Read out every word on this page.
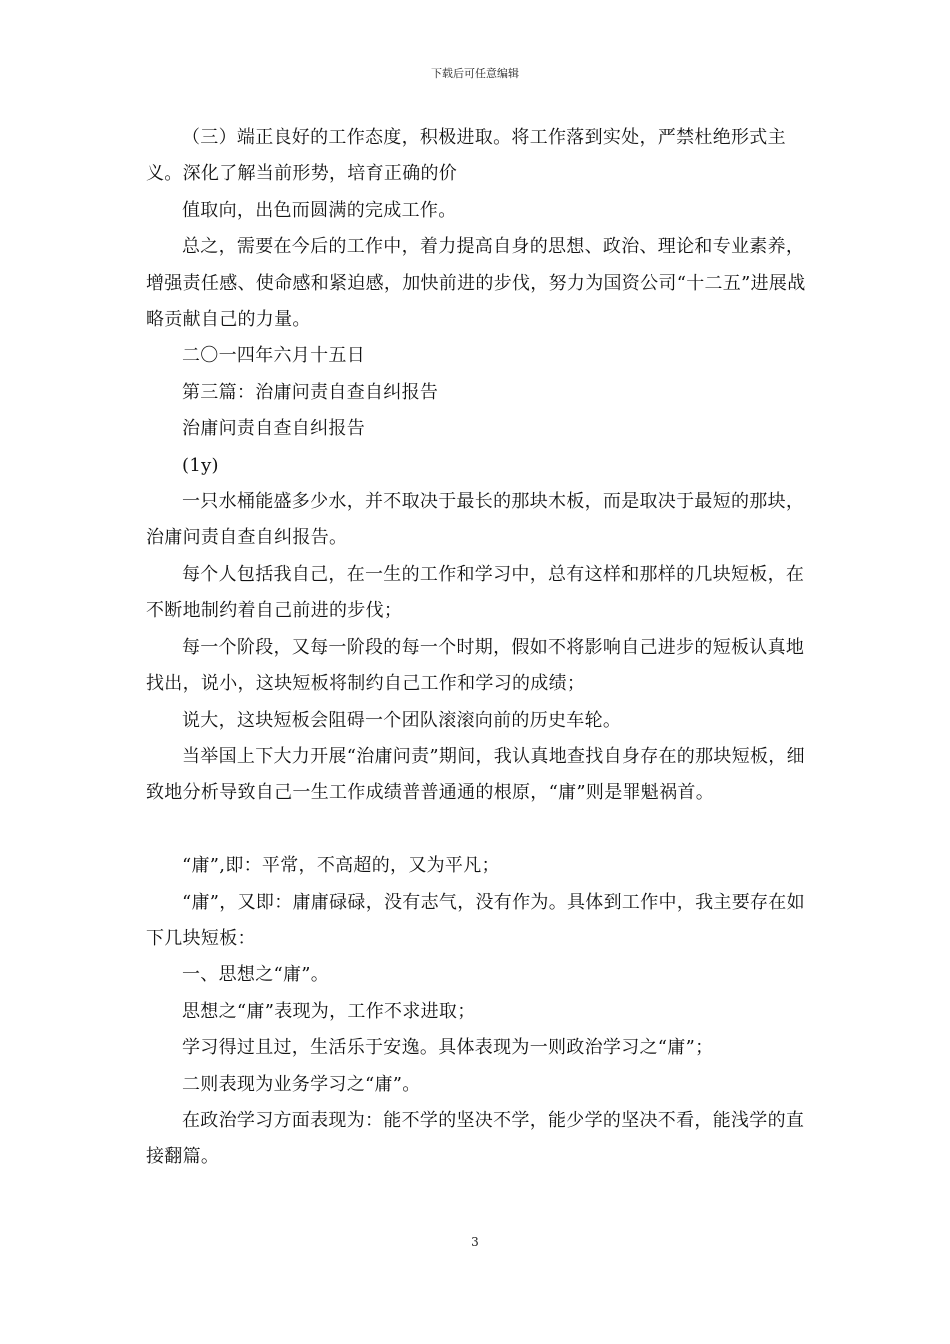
下载后可任意编辑

（三）端正良好的工作态度，积极进取。将工作落到实处，严禁杜绝形式主义。深化了解当前形势，培育正确的价

值取向，出色而圆满的完成工作。

总之，需要在今后的工作中，着力提高自身的思想、政治、理论和专业素养，增强责任感、使命感和紧迫感，加快前进的步伐，努力为国资公司“十二五”进展战略贡献自己的力量。

二〇一四年六月十五日

第三篇：治庸问责自查自纠报告

治庸问责自查自纠报告

(1y)

一只水桶能盛多少水，并不取决于最长的那块木板，而是取决于最短的那块，治庸问责自查自纠报告。

每个人包括我自己，在一生的工作和学习中，总有这样和那样的几块短板，在不断地制约着自己前进的步伐；

每一个阶段，又每一阶段的每一个时期，假如不将影响自己进步的短板认真地找出，说小，这块短板将制约自己工作和学习的成绩；

说大，这块短板会阻碍一个团队滚滚向前的历史车轮。

当举国上下大力开展“治庸问责”期间，我认真地查找自身存在的那块短板，细致地分析导致自己一生工作成绩普普通通的根原，“庸”则是罪魁祸首。

“庸”,即：平常，不高超的，又为平凡；

“庸”，又即：庸庸碌碌，没有志气，没有作为。具体到工作中，我主要存在如下几块短板：

一、思想之“庸”。

思想之“庸”表现为，工作不求进取；

学习得过且过，生活乐于安逸。具体表现为一则政治学习之“庸”；

二则表现为业务学习之“庸”。

在政治学习方面表现为：能不学的坚决不学，能少学的坚决不看，能浅学的直接翻篇。

3
